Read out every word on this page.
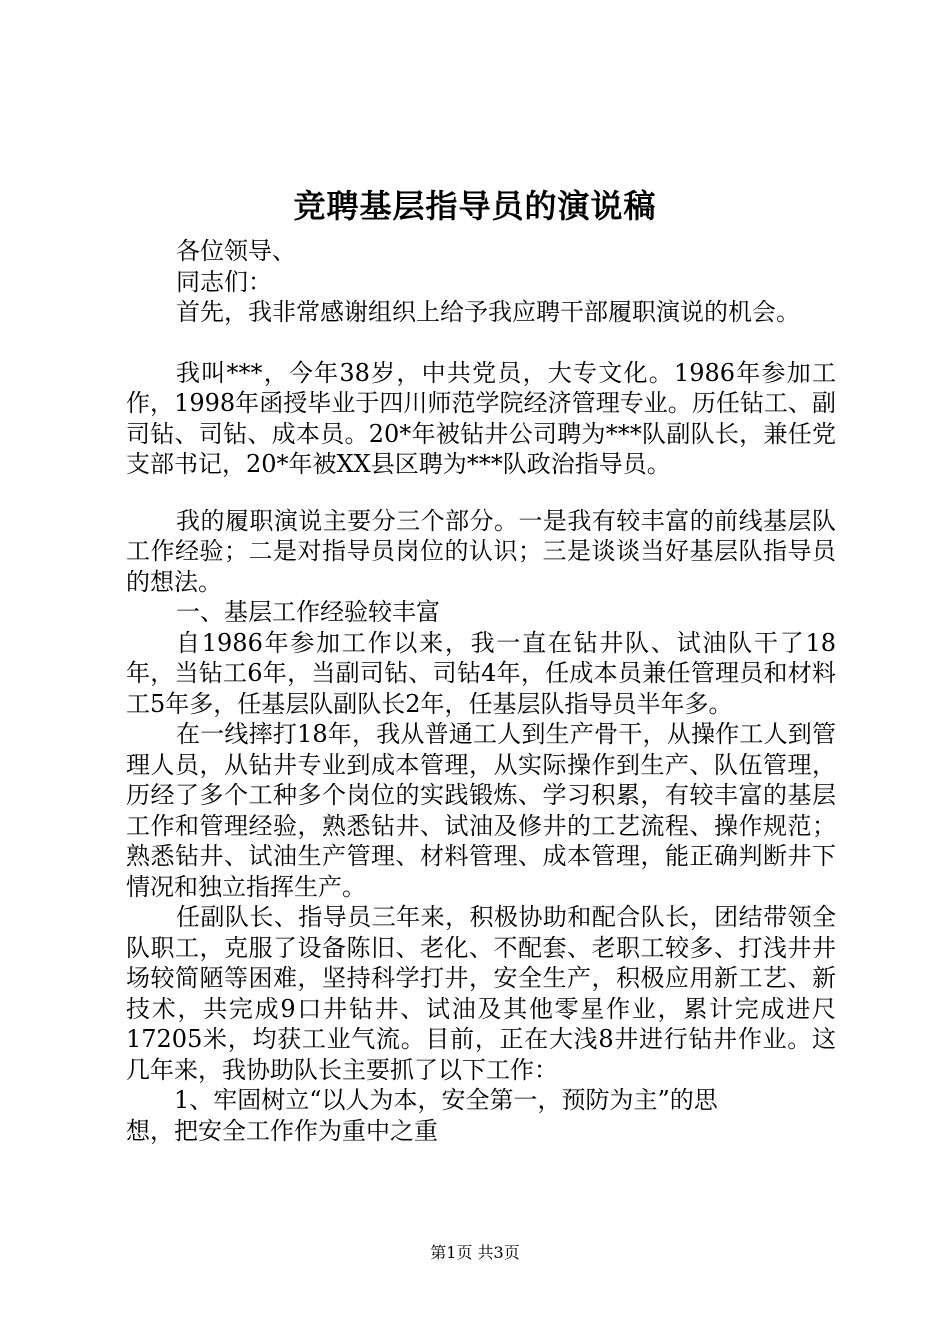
竞聘基层指导员的演说稿

各位领导、

同志们：

首先，我非常感谢组织上给予我应聘干部履职演说的机会。

我叫***，今年38岁，中共党员，大专文化。1986年参加工作，1998年函授毕业于四川师范学院经济管理专业。历任钻工、副司钻、司钻、成本员。20*年被钻井公司聘为***队副队长，兼任党支部书记，20*年被XX县区聘为***队政治指导员。

我的履职演说主要分三个部分。一是我有较丰富的前线基层队工作经验；二是对指导员岗位的认识；三是谈谈当好基层队指导员的想法。

一、基层工作经验较丰富

自1986年参加工作以来，我一直在钻井队、试油队干了18年，当钻工6年，当副司钻、司钻4年，任成本员兼任管理员和材料工5年多，任基层队副队长2年，任基层队指导员半年多。

在一线摔打18年，我从普通工人到生产骨干，从操作工人到管理人员，从钻井专业到成本管理，从实际操作到生产、队伍管理，历经了多个工种多个岗位的实践锻炼、学习积累，有较丰富的基层工作和管理经验，熟悉钻井、试油及修井的工艺流程、操作规范；熟悉钻井、试油生产管理、材料管理、成本管理，能正确判断井下情况和独立指挥生产。

任副队长、指导员三年来，积极协助和配合队长，团结带领全队职工，克服了设备陈旧、老化、不配套、老职工较多、打浅井井场较简陋等困难，坚持科学打井，安全生产，积极应用新工艺、新技术，共完成9口井钻井、试油及其他零星作业，累计完成进尺17205米，均获工业气流。目前，正在大浅8井进行钻井作业。这几年来，我协助队长主要抓了以下工作：

1、牢固树立“以人为本，安全第一，预防为主”的思

想，把安全工作作为重中之重

第1页 共3页
